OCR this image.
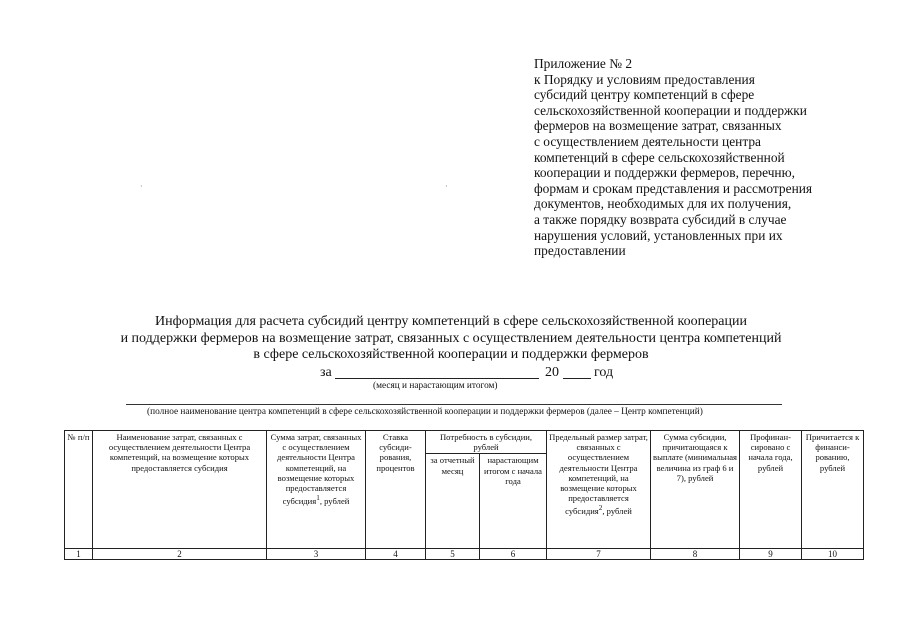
Приложение № 2
к Порядку и условиям предоставления
субсидий центру компетенций в сфере
сельскохозяйственной кооперации и поддержки
фермеров на возмещение затрат, связанных
с осуществлением деятельности центра
компетенций в сфере сельскохозяйственной
кооперации и поддержки фермеров, перечню,
формам и срокам представления и рассмотрения
документов, необходимых для их получения,
а также порядку возврата субсидий в случае
нарушения условий, установленных при их
предоставлении
·	·
Информация для расчета субсидий центру компетенций в сфере сельскохозяйственной кооперации
и поддержки фермеров на возмещение затрат, связанных с осуществлением деятельности центра компетенций
в сфере сельскохозяйственной кооперации и поддержки фермеров
за	20	год
(месяц и нарастающим итогом)
(полное наименование центра компетенций в сфере сельскохозяйственной кооперации и поддержки фермеров (далее – Центр компетенций)
№ п/п	Наименование затрат, связанных с осуществлением деятельности Центра компетенций, на возмещение которых предоставляется субсидия	Сумма затрат, связанных с осуществлением деятельности Центра компетенций, на возмещение которых предоставляется субсидия$^1$, рублей	Ставка субсиди-рования, процентов	Потребность в субсидии, рублей		Предельный размер затрат, связанных с осуществлением деятельности Центра компетенций, на возмещение которых предоставляется субсидия$^2$, рублей	Сумма субсидии, причитающаяся к выплате (минимальная величина из граф 6 и 7), рублей	Профинан-сировано с начала года, рублей	Причитается к финанси-рованию, рублей
				за отчетный месяц	нарастающим итогом с начала года				
1	2	3	4	5	6	7	8	9	10
